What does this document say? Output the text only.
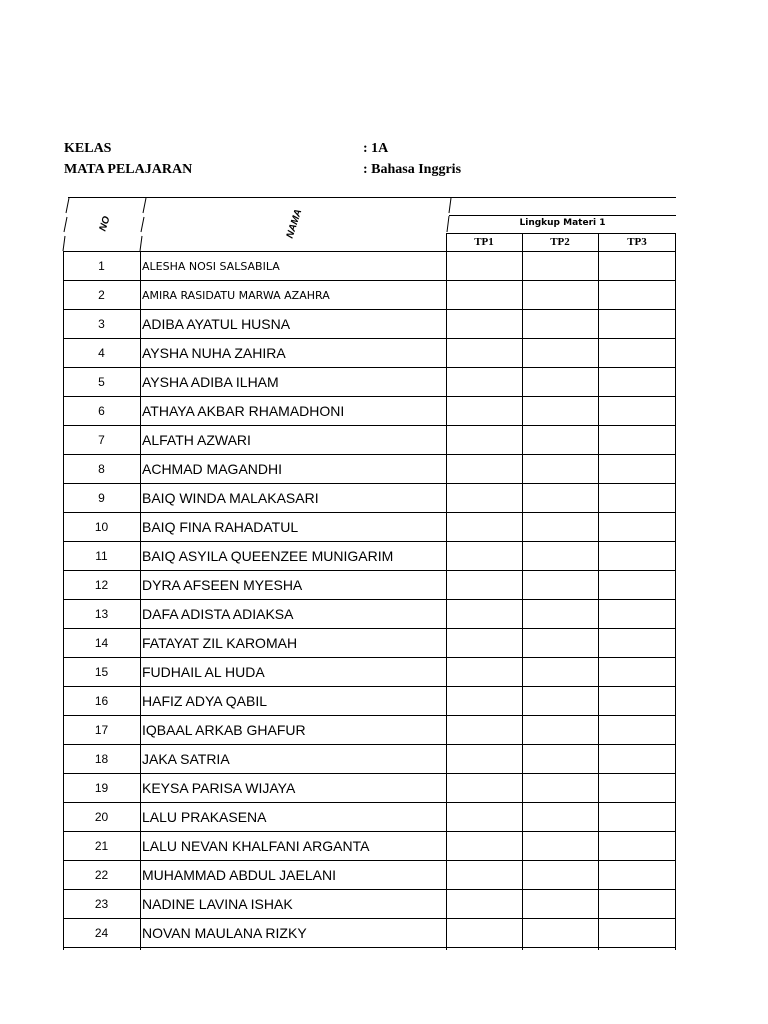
KELAS	: 1A
MATA PELAJARAN	: Bahasa Inggris
NO	NAMA	Lingkup Materi 1
TP1	TP2	TP3
1	ALESHA NOSI SALSABILA
2	AMIRA RASIDATU MARWA AZAHRA
3	ADIBA AYATUL HUSNA
4	AYSHA NUHA ZAHIRA
5	AYSHA ADIBA ILHAM
6	ATHAYA AKBAR RHAMADHONI
7	ALFATH AZWARI
8	ACHMAD MAGANDHI
9	BAIQ WINDA MALAKASARI
10	BAIQ FINA RAHADATUL
11	BAIQ ASYILA QUEENZEE MUNIGARIM
12	DYRA AFSEEN MYESHA
13	DAFA ADISTA ADIAKSA
14	FATAYAT ZIL KAROMAH
15	FUDHAIL AL HUDA
16	HAFIZ ADYA QABIL
17	IQBAAL ARKAB GHAFUR
18	JAKA SATRIA
19	KEYSA PARISA WIJAYA
20	LALU PRAKASENA
21	LALU NEVAN KHALFANI ARGANTA
22	MUHAMMAD ABDUL JAELANI
23	NADINE LAVINA ISHAK
24	NOVAN MAULANA RIZKY
